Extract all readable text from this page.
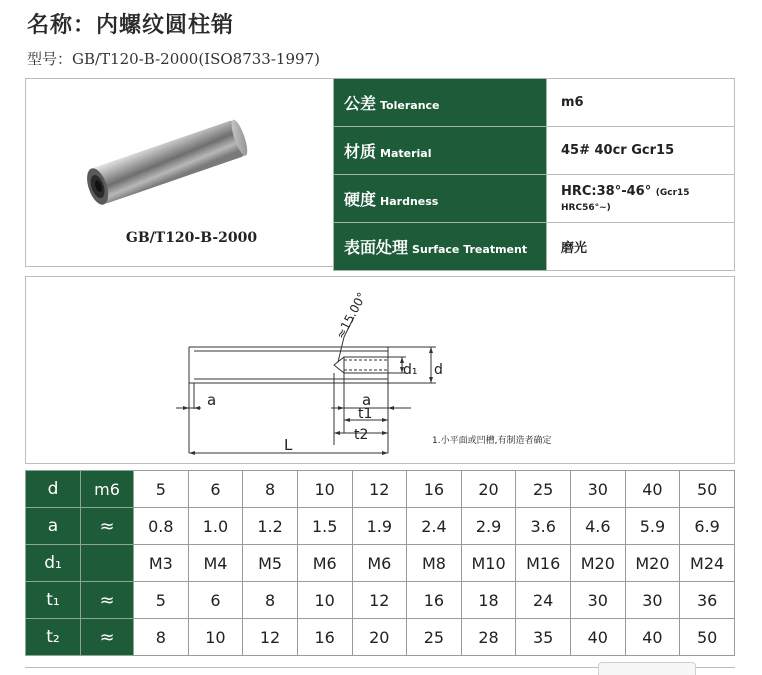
名称：内螺纹圆柱销
型号：GB/T120-B-2000(ISO8733-1997)
GB/T120-B-2000
公差 Tolerance	m6
材质 Material	45# 40cr Gcr15
硬度 Hardness	HRC:38°-46° (Gcr15 HRC56°~)
表面处理 Surface Treatment	磨光
≈15.00°
d₁ d
a	a
t1
t2
L	1.小平面或凹槽,有制造者确定
d	m6	5	6	8	10	12	16	20	25	30	40	50
a	≈	0.8	1.0	1.2	1.5	1.9	2.4	2.9	3.6	4.6	5.9	6.9
d₁		M3	M4	M5	M6	M6	M8	M10	M16	M20	M20	M24
t₁	≈	5	6	8	10	12	16	18	24	30	30	36
t₂	≈	8	10	12	16	20	25	28	35	40	40	50
